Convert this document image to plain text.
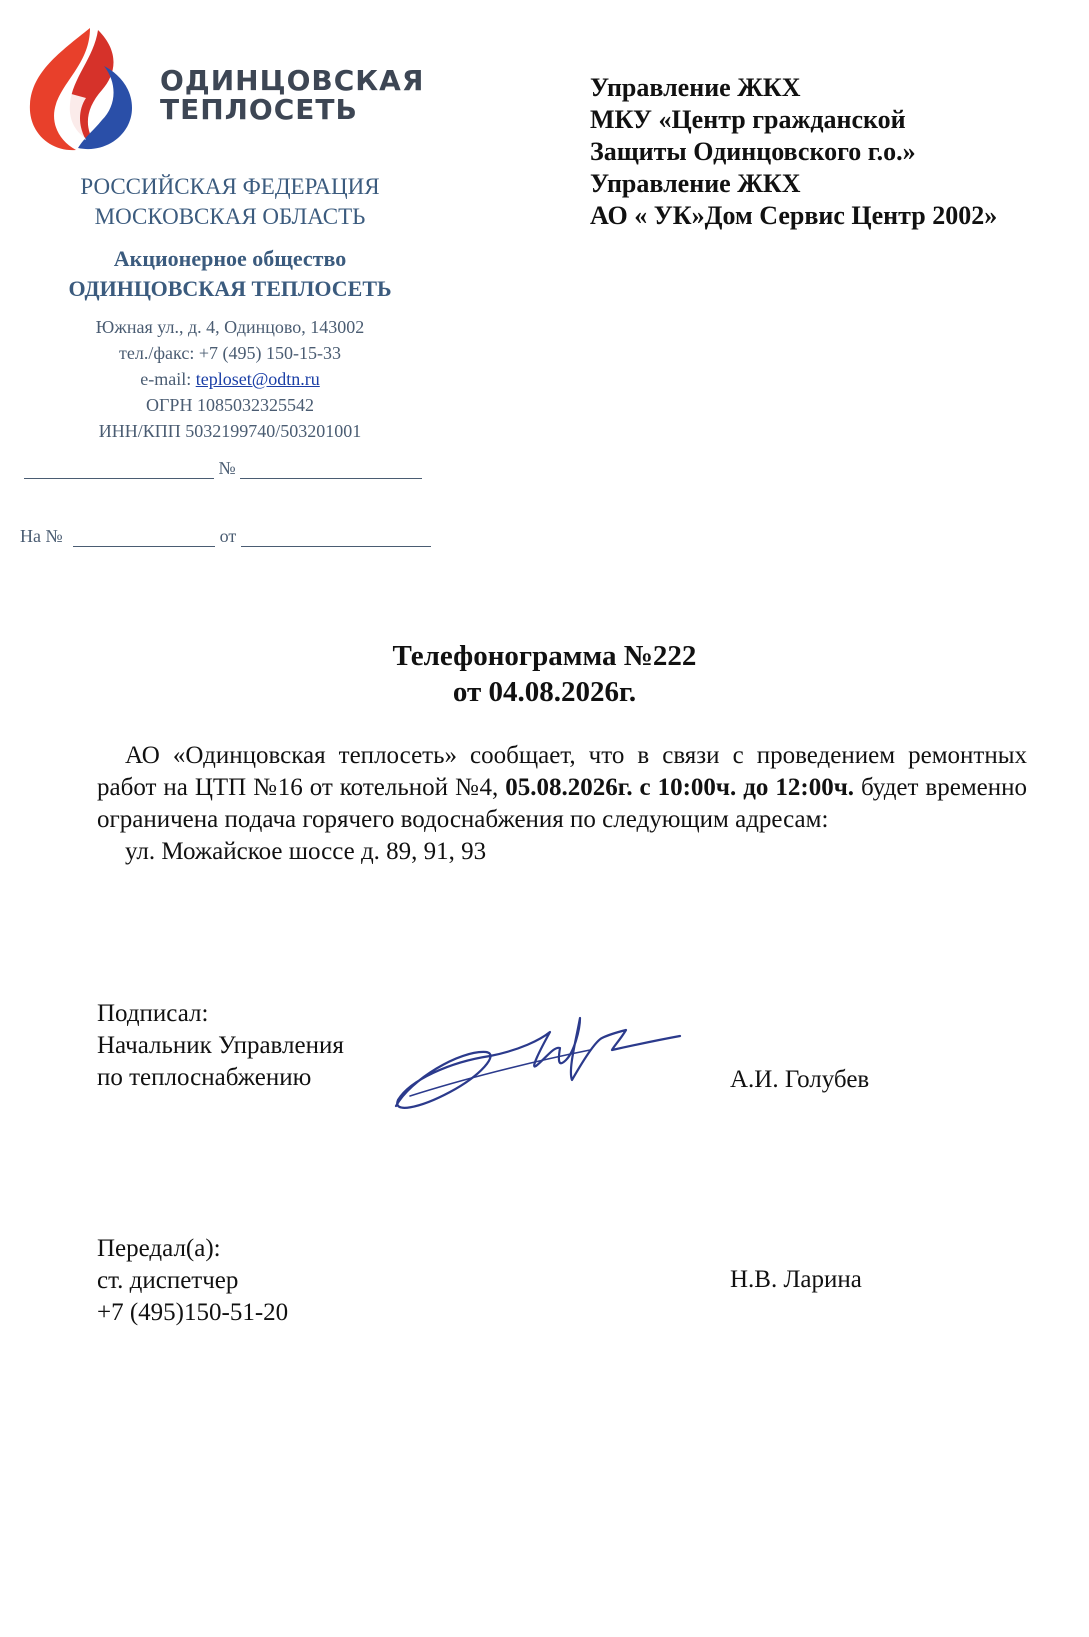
ОДИНЦОВСКАЯ
ТЕПЛОСЕТЬ
РОССИЙСКАЯ ФЕДЕРАЦИЯ
МОСКОВСКАЯ ОБЛАСТЬ
Акционерное общество
ОДИНЦОВСКАЯ ТЕПЛОСЕТЬ
Южная ул., д. 4, Одинцово, 143002
тел./факс: +7 (495) 150-15-33
e-mail: teploset@odtn.ru
ОГРН 1085032325542
ИНН/КПП 5032199740/503201001
№
На №	от
Управление ЖКХ
МКУ «Центр гражданской
Защиты Одинцовского г.о.»
Управление ЖКХ
АО « УК»Дом Сервис Центр 2002»
Телефонограмма №222
от 04.08.2026г.

АО «Одинцовская теплосеть» сообщает, что в связи с проведением ремонтных работ на ЦТП №16 от котельной №4, 05.08.2026г. с 10:00ч. до 12:00ч. будет временно ограничена подача горячего водоснабжения по следующим адресам:

ул. Можайское шоссе д. 89, 91, 93

Подписал:
Начальник Управления
по теплоснабжению	А.И. Голубев
Передал(а):
ст. диспетчер
+7 (495)150-51-20
Н.В. Ларина
